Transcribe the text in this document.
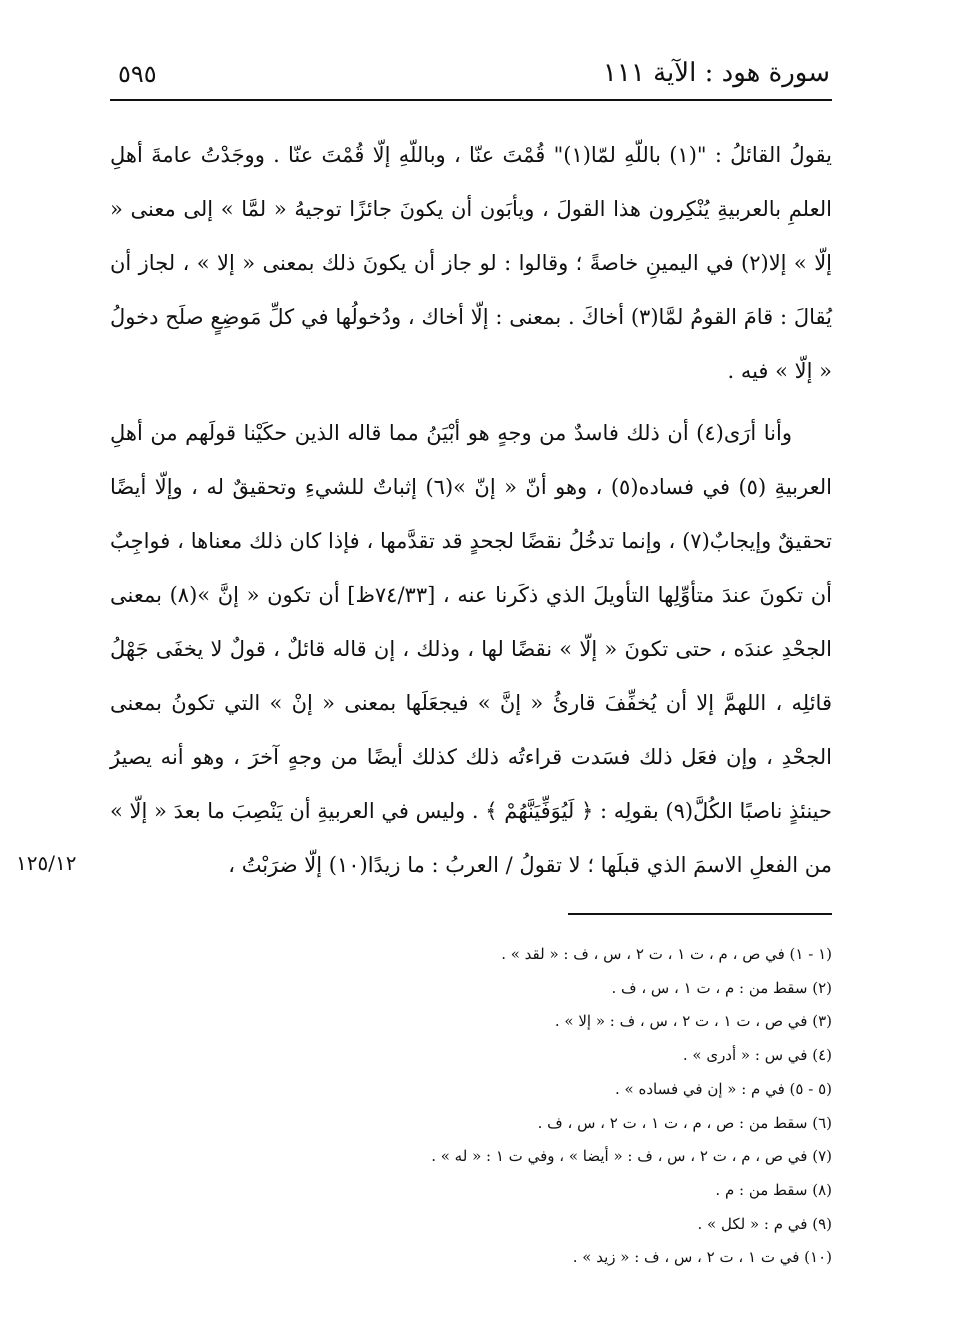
سورة هود : الآية ١١١
٥٩٥

يقولُ القائلُ : "(١) باللّهِ لمّا(١)" قُمْتَ عنّا ، وباللّهِ إلّا قُمْتَ عنّا . ووجَدْتُ عامةَ أهلِ العلمِ بالعربيةِ يُنْكِرون هذا القولَ ، ويأبَون أن يكونَ جائزًا توجيهُ « لمَّا » إلى معنى « إلّا » إلا(٢) في اليمينِ خاصةً ؛ وقالوا : لو جاز أن يكونَ ذلك بمعنى « إلا » ، لجاز أن يُقالَ : قامَ القومُ لمَّا(٣) أخاكَ . بمعنى : إلّا أخاك ، ودُخولُها في كلِّ مَوضِعٍ صلَح دخولُ « إلّا » فيه .

وأنا أرَى(٤) أن ذلك فاسدٌ من وجهٍ هو أبْيَنُ مما قاله الذين حكَيْنا قولَهم من أهلِ العربيةِ (٥) في فساده(٥) ، وهو أنّ « إنّ »(٦) إثباتٌ للشيءِ وتحقيقٌ له ، وإلّا أيضًا تحقيقٌ وإيجابٌ(٧) ، وإنما تدخُلُ نقضًا لجحدٍ قد تقدَّمها ، فإذا كان ذلك معناها ، فواجِبٌ أن تكونَ عندَ متأوِّلِها التأويلَ الذي ذكَرنا عنه ، [٧٤/٣٣ظ] أن تكون « إنَّ »(٨) بمعنى الجحْدِ عندَه ، حتى تكونَ « إلّا » نقضًا لها ، وذلك ، إن قاله قائلٌ ، قولٌ لا يخفَى جَهْلُ قائلِه ، اللهمَّ إلا أن يُخفِّفَ قارئُ « إنَّ » فيجعَلَها بمعنى « إنْ » التي تكونُ بمعنى الجحْدِ ، وإن فعَل ذلك فسَدت قراءتُه ذلك كذلك أيضًا من وجهٍ آخرَ ، وهو أنه يصيرُ حينئذٍ ناصبًا الكُلَّ(٩) بقولِه : ﴿ لَيُوَفِّيَنَّهُمْ ﴾ . وليس في العربيةِ أن يَنْصِبَ ما بعدَ « إلّا » من الفعلِ الاسمَ الذي قبلَها ؛ لا تقولُ / العربُ : ما زيدًا(١٠) إلّا ضرَبْتُ ،

١٢٥/١٢
(١ - ١) في ص ، م ، ت ١ ، ت ٢ ، س ، ف : « لقد » .
(٢) سقط من : م ، ت ١ ، س ، ف .
(٣) في ص ، ت ١ ، ت ٢ ، س ، ف : « إلا » .
(٤) في س : « أدرى » .
(٥ - ٥) في م : « إن في فساده » .
(٦) سقط من : ص ، م ، ت ١ ، ت ٢ ، س ، ف .
(٧) في ص ، م ، ت ٢ ، س ، ف : « أيضا » ، وفي ت ١ : « له » .
(٨) سقط من : م .
(٩) في م : « لكل » .
(١٠) في ت ١ ، ت ٢ ، س ، ف : « زيد » .
